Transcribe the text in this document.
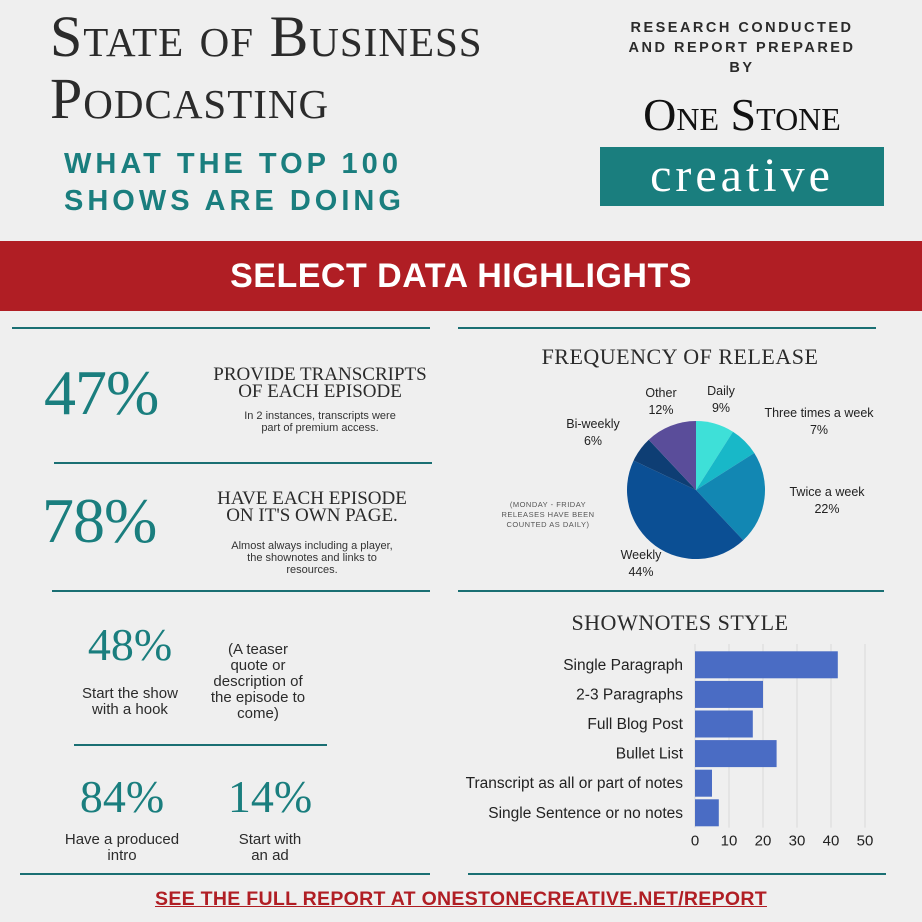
State of Business
Podcasting
WHAT THE TOP 100
SHOWS ARE DOING
RESEARCH CONDUCTED
AND REPORT PREPARED
BY
One Stone
creative
SELECT DATA HIGHLIGHTS
47%	PROVIDE TRANSCRIPTS
OF EACH EPISODE
In 2 instances, transcripts were
part of premium access.
78%	HAVE EACH EPISODE
ON IT'S OWN PAGE.
Almost always including a player,
the shownotes and links to
resources.
48%
Start the show
with a hook
(A teaser
quote or
description of
the episode to
come)
84%
Have a produced
intro
14%
Start with
an ad
FREQUENCY OF RELEASE
Other
12%
Daily
9%	Three times a week
7%
Twice a week
22%
Weekly
44%
Bi-weekly
6%
(MONDAY - FRIDAY
RELEASES HAVE BEEN
COUNTED AS DAILY)
SHOWNOTES STYLE
Single Paragraph
2-3 Paragraphs
Full Blog Post
Bullet List
Transcript as all or part of notes
Single Sentence or no notes
0 10 20 30 40 50
SEE THE FULL REPORT AT ONESTONECREATIVE.NET/REPORT
